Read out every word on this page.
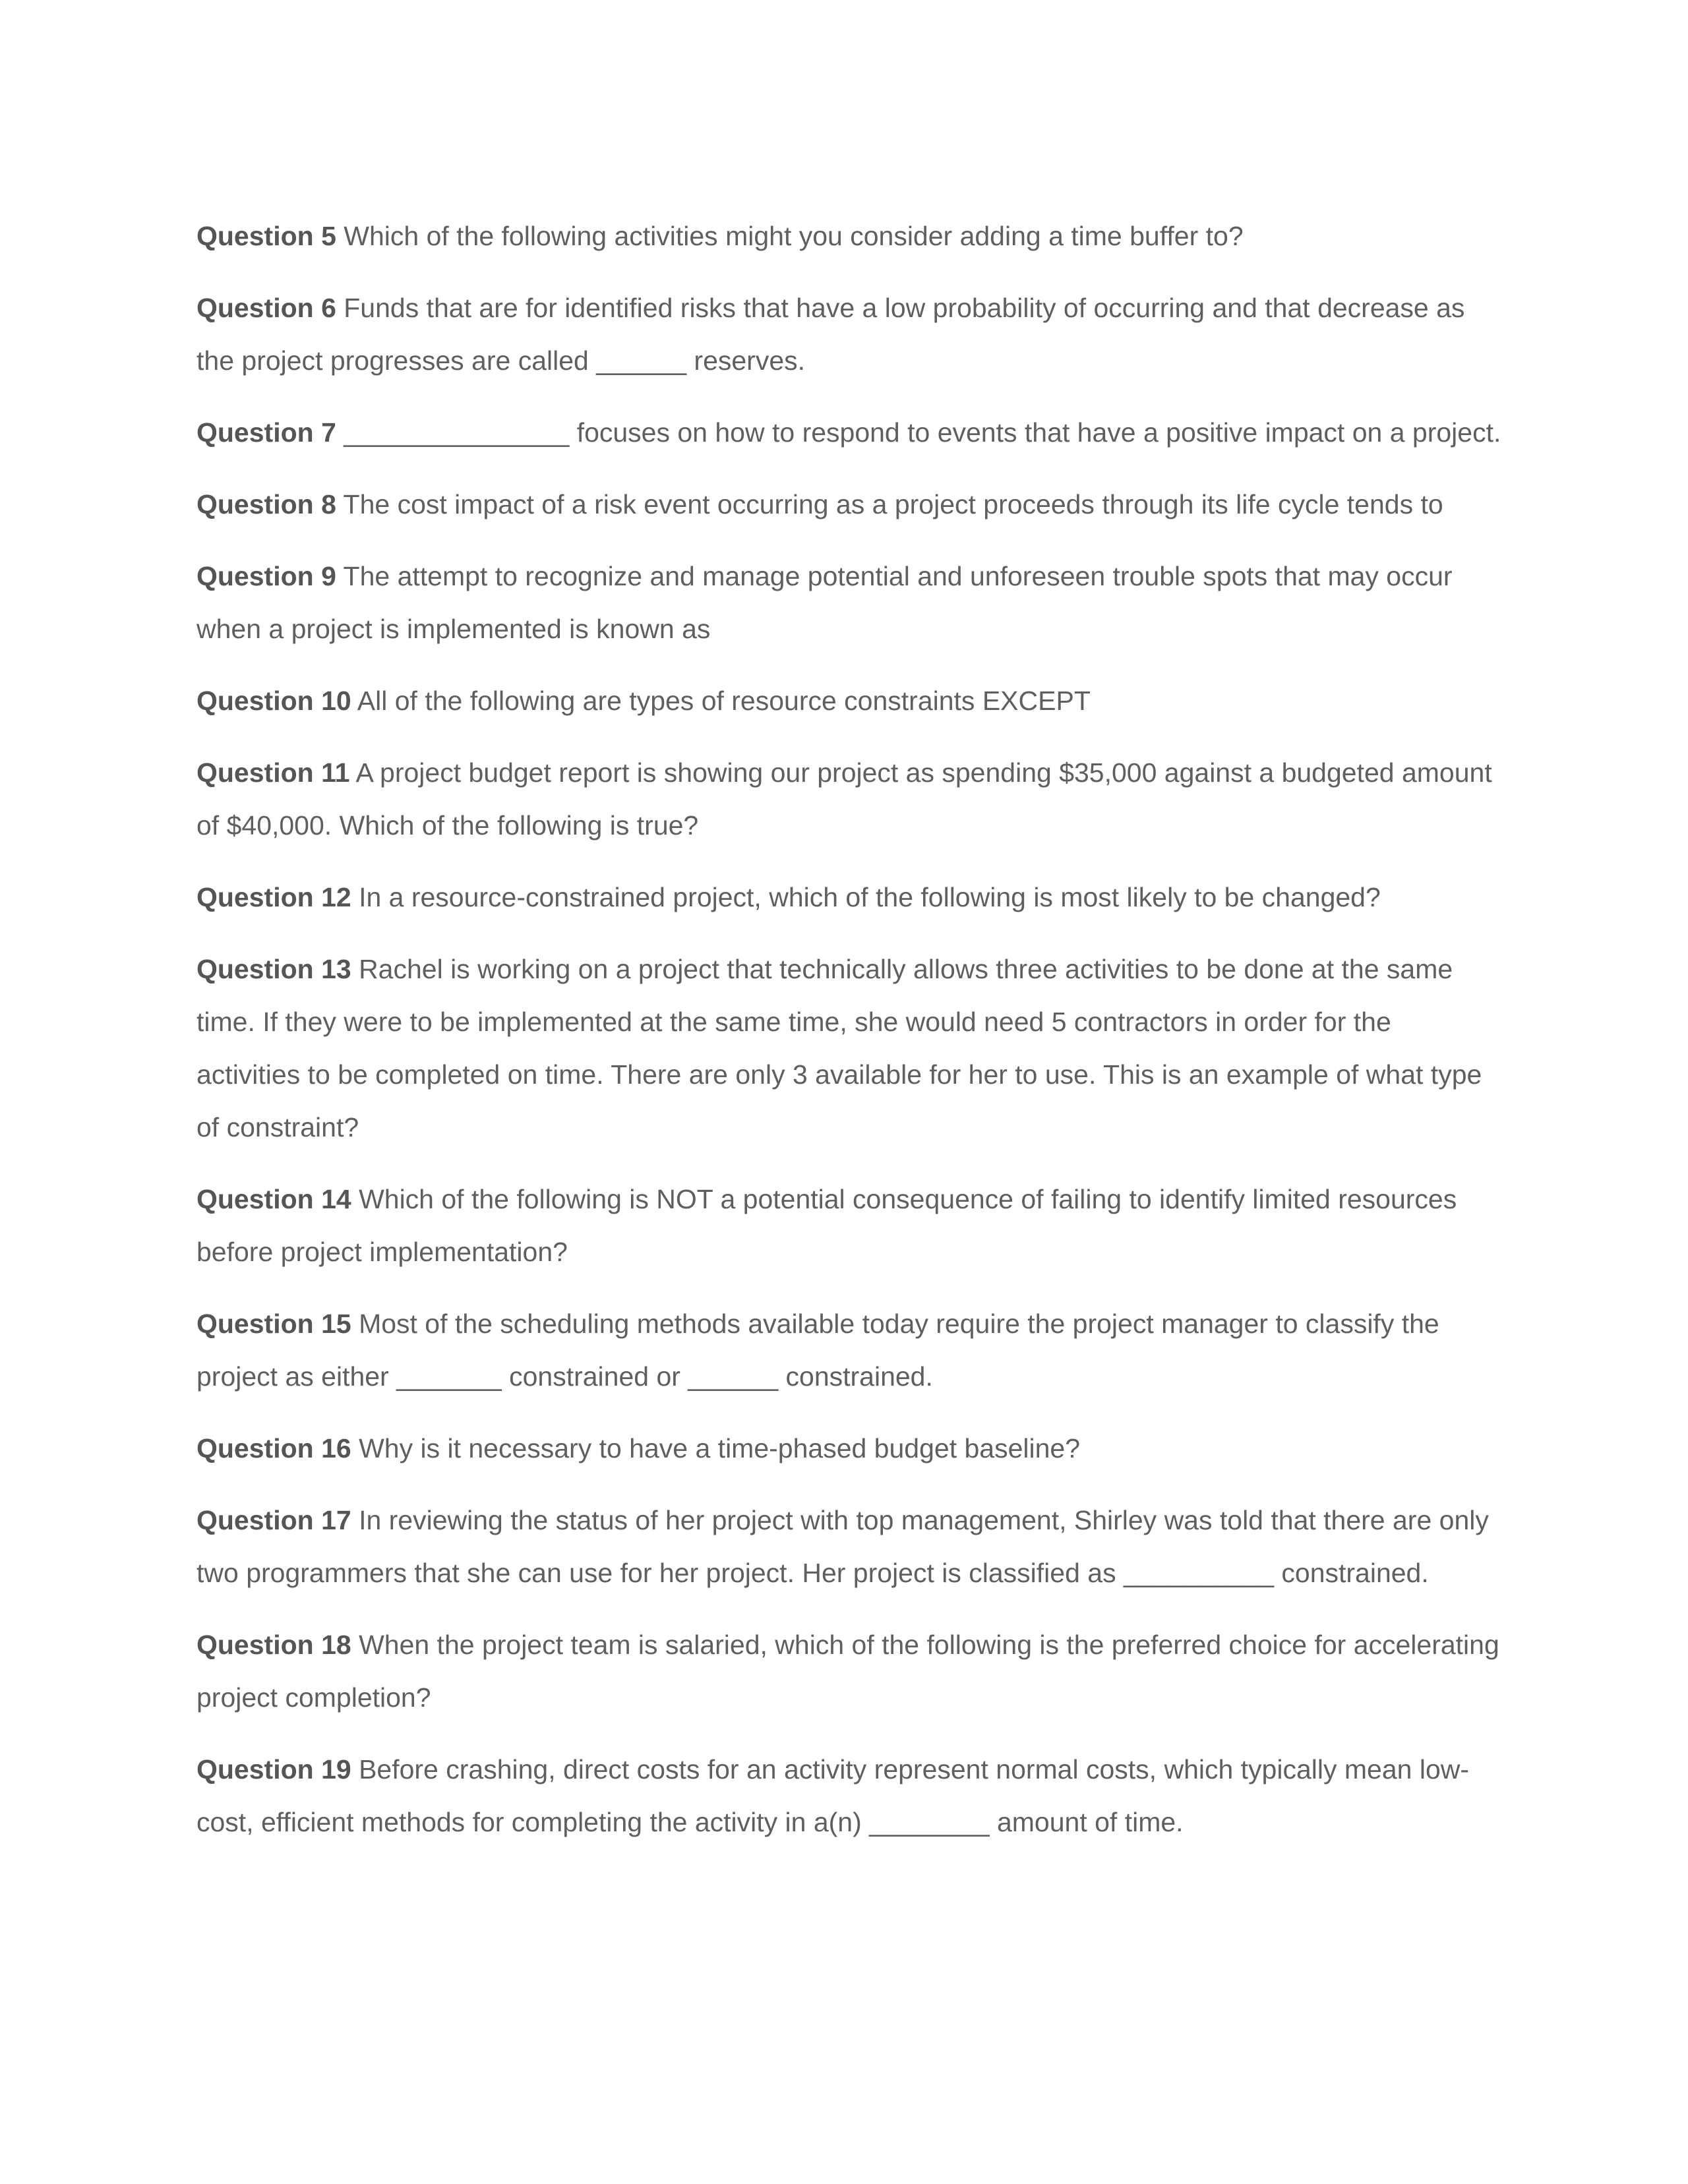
Question 5 Which of the following activities might you consider adding a time buffer to?

Question 6 Funds that are for identified risks that have a low probability of occurring and that decrease as the project progresses are called ______ reserves.

Question 7 _______________ focuses on how to respond to events that have a positive impact on a project.

Question 8 The cost impact of a risk event occurring as a project proceeds through its life cycle tends to

Question 9 The attempt to recognize and manage potential and unforeseen trouble spots that may occur when a project is implemented is known as

Question 10 All of the following are types of resource constraints EXCEPT

Question 11 A project budget report is showing our project as spending $35,000 against a budgeted amount of $40,000. Which of the following is true?

Question 12 In a resource-constrained project, which of the following is most likely to be changed?

Question 13 Rachel is working on a project that technically allows three activities to be done at the same time. If they were to be implemented at the same time, she would need 5 contractors in order for the activities to be completed on time. There are only 3 available for her to use. This is an example of what type of constraint?

Question 14 Which of the following is NOT a potential consequence of failing to identify limited resources before project implementation?

Question 15 Most of the scheduling methods available today require the project manager to classify the project as either _______ constrained or ______ constrained.

Question 16 Why is it necessary to have a time-phased budget baseline?

Question 17 In reviewing the status of her project with top management, Shirley was told that there are only two programmers that she can use for her project. Her project is classified as __________ constrained.

Question 18 When the project team is salaried, which of the following is the preferred choice for accelerating project completion?

Question 19 Before crashing, direct costs for an activity represent normal costs, which typically mean low-cost, efficient methods for completing the activity in a(n) ________ amount of time.
